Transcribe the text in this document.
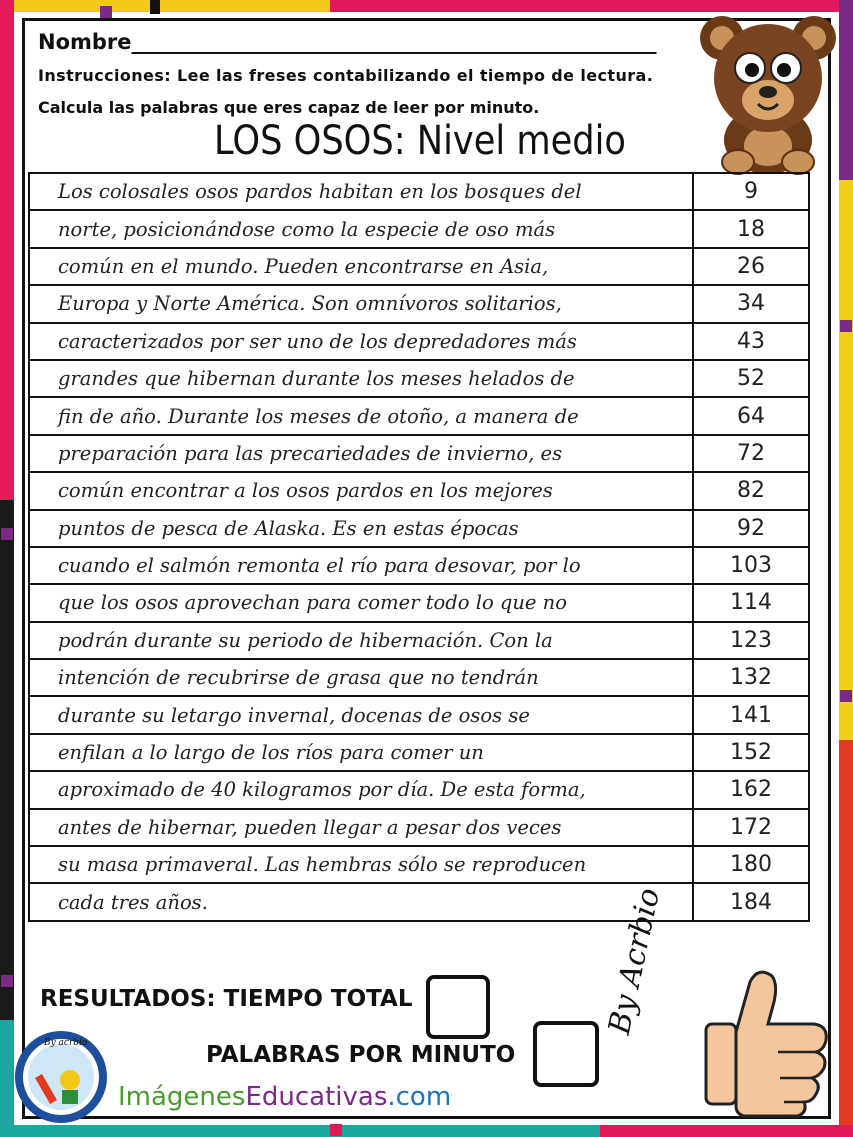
Nombre__________________________________________________
Instrucciones: Lee las freses contabilizando el tiempo de lectura.
Calcula las palabras que eres capaz de leer por minuto.
LOS OSOS: Nivel medio
Los colosales osos pardos habitan en los bosques del	9
norte, posicionándose como la especie de oso más	18
común en el mundo. Pueden encontrarse en Asia,	26
Europa y Norte América. Son omnívoros solitarios,	34
caracterizados por ser uno de los depredadores más	43
grandes que hibernan durante los meses helados de	52
fin de año. Durante los meses de otoño, a manera de	64
preparación para las precariedades de invierno, es	72
común encontrar a los osos pardos en los mejores	82
puntos de pesca de Alaska. Es en estas épocas	92
cuando el salmón remonta el río para desovar, por lo	103
que los osos aprovechan para comer todo lo que no	114
podrán durante su periodo de hibernación. Con la	123
intención de recubrirse de grasa que no tendrán	132
durante su letargo invernal, docenas de osos se	141
enfilan a lo largo de los ríos para comer un	152
aproximado de 40 kilogramos por día. De esta forma,	162
antes de hibernar, pueden llegar a pesar dos veces	172
su masa primaveral. Las hembras sólo se reproducen	180
cada tres años.	184
RESULTADOS: TIEMPO TOTAL
PALABRAS POR MINUTO
By acrbio
ImágenesEducativas.com
By Acrbio
